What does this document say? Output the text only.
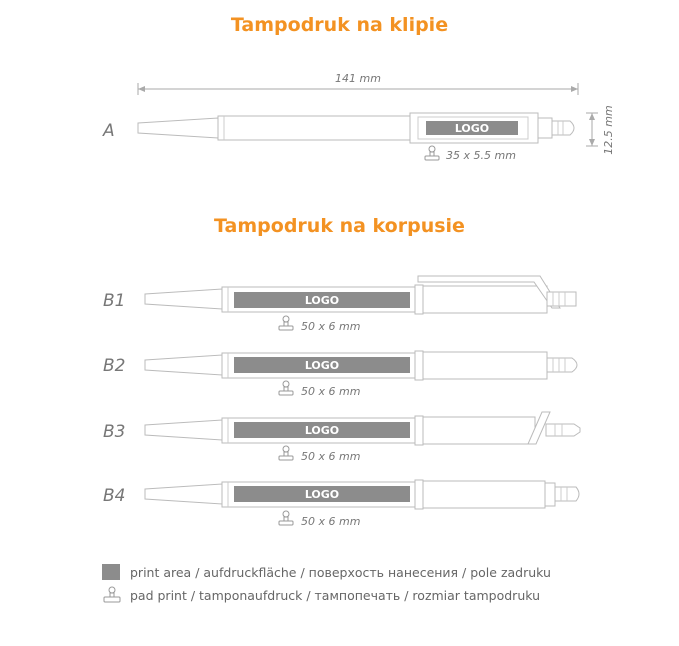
Tampodruk na klipie
Tampodruk na korpusie
141 mm
12.5 mm
A	LOGO
35 x 5.5 mm
B1	LOGO
50 x 6 mm
B2	LOGO
50 x 6 mm
B3	LOGO
50 x 6 mm
B4	LOGO
50 x 6 mm
print area / aufdruckfläche / поверхость нанесения / pole zadruku
pad print / tamponaufdruck / тампопечать / rozmiar tampodruku
